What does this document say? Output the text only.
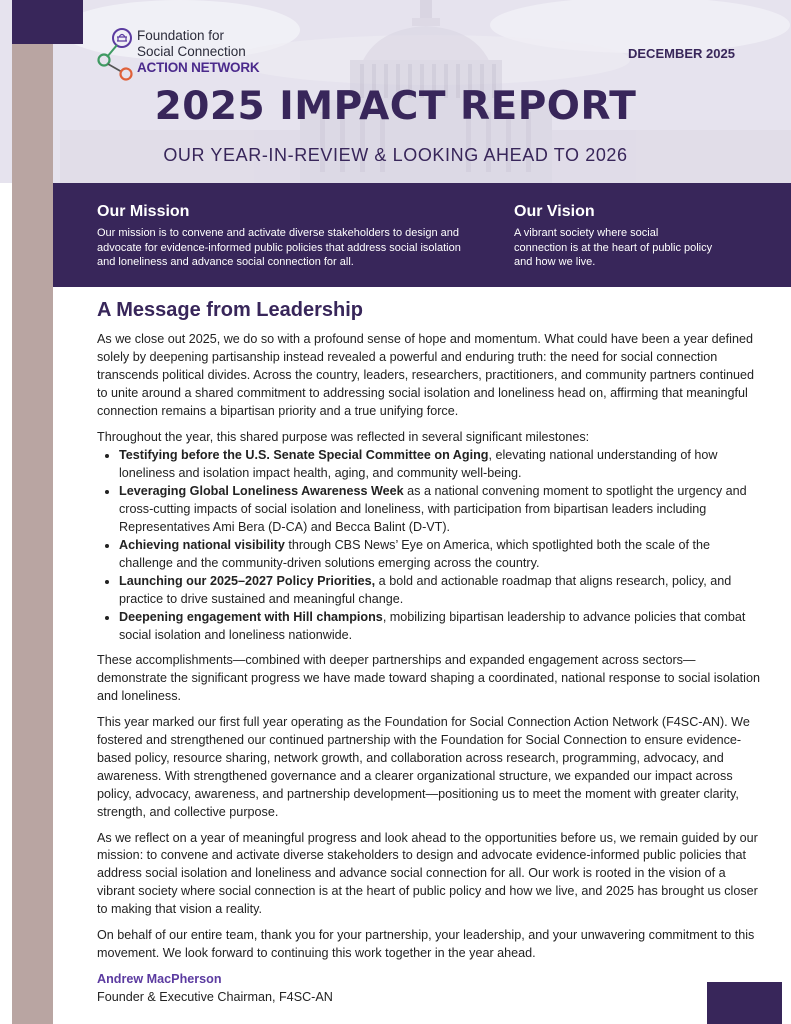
Foundation for
Social Connection
ACTION NETWORK
DECEMBER 2025
2025 IMPACT REPORT
OUR YEAR-IN-REVIEW & LOOKING AHEAD TO 2026
Our Mission
Our mission is to convene and activate diverse stakeholders to design and advocate for evidence-informed public policies that address social isolation and loneliness and advance social connection for all.
Our Vision
A vibrant society where social connection is at the heart of public policy and how we live.
A Message from Leadership

As we close out 2025, we do so with a profound sense of hope and momentum. What could have been a year defined solely by deepening partisanship instead revealed a powerful and enduring truth: the need for social connection transcends political divides. Across the country, leaders, researchers, practitioners, and community partners continued to unite around a shared commitment to addressing social isolation and loneliness head on, affirming that meaningful connection remains a bipartisan priority and a true unifying force.

Throughout the year, this shared purpose was reflected in several significant milestones:

• Testifying before the U.S. Senate Special Committee on Aging, elevating national understanding of how loneliness and isolation impact health, aging, and community well-being.
• Leveraging Global Loneliness Awareness Week as a national convening moment to spotlight the urgency and cross-cutting impacts of social isolation and loneliness, with participation from bipartisan leaders including Representatives Ami Bera (D-CA) and Becca Balint (D-VT).
• Achieving national visibility through CBS News’ Eye on America, which spotlighted both the scale of the challenge and the community-driven solutions emerging across the country.
• Launching our 2025–2027 Policy Priorities, a bold and actionable roadmap that aligns research, policy, and practice to drive sustained and meaningful change.
• Deepening engagement with Hill champions, mobilizing bipartisan leadership to advance policies that combat social isolation and loneliness nationwide.

These accomplishments—combined with deeper partnerships and expanded engagement across sectors—demonstrate the significant progress we have made toward shaping a coordinated, national response to social isolation and loneliness.

This year marked our first full year operating as the Foundation for Social Connection Action Network (F4SC-AN). We fostered and strengthened our continued partnership with the Foundation for Social Connection to ensure evidence-based policy, resource sharing, network growth, and collaboration across research, programming, advocacy, and awareness. With strengthened governance and a clearer organizational structure, we expanded our impact across policy, advocacy, awareness, and partnership development—positioning us to meet the moment with greater clarity, strength, and collective purpose.

As we reflect on a year of meaningful progress and look ahead to the opportunities before us, we remain guided by our mission: to convene and activate diverse stakeholders to design and advocate evidence-informed public policies that address social isolation and loneliness and advance social connection for all. Our work is rooted in the vision of a vibrant society where social connection is at the heart of public policy and how we live, and 2025 has brought us closer to making that vision a reality.

On behalf of our entire team, thank you for your partnership, your leadership, and your unwavering commitment to this movement. We look forward to continuing this work together in the year ahead.

Andrew MacPherson
Founder & Executive Chairman, F4SC-AN
